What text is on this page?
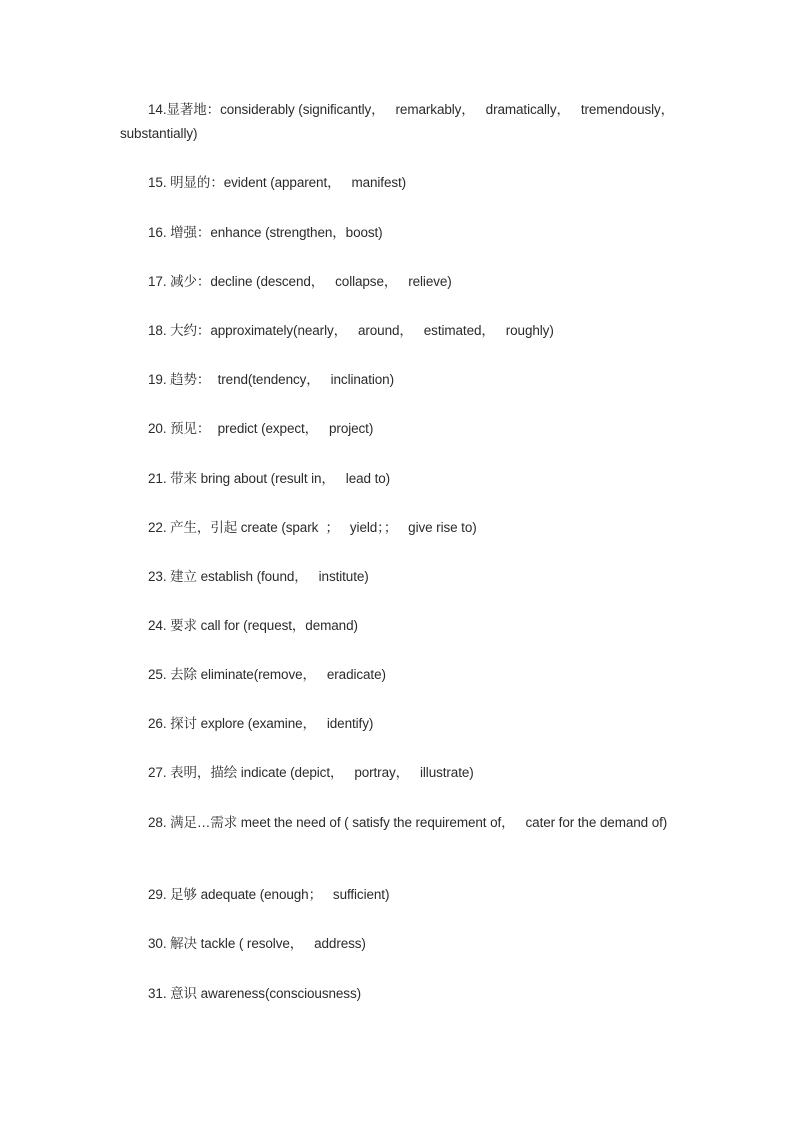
14.显著地：considerably (significantly，   remarkably，   dramatically，   tremendously，substantially)

15. 明显的：evident (apparent，   manifest)

16. 增强：enhance (strengthen，boost)

17. 减少：decline (descend，   collapse，   relieve)

18. 大约：approximately(nearly，   around，   estimated，   roughly)

19. 趋势：  trend(tendency，   inclination)

20. 预见：  predict (expect，   project)

21. 带来 bring about (result in，   lead to)

22. 产生，引起 create (spark  ；   yield；；   give rise to)

23. 建立 establish (found，   institute)

24. 要求 call for (request，demand)

25. 去除 eliminate(remove，   eradicate)

26. 探讨 explore (examine，   identify)

27. 表明，描绘 indicate (depict，   portray，   illustrate)

28. 满足…需求 meet the need of ( satisfy the requirement of，   cater for the demand of)

29. 足够 adequate (enough；   sufficient)

30. 解决 tackle ( resolve，   address)

31. 意识 awareness(consciousness)
